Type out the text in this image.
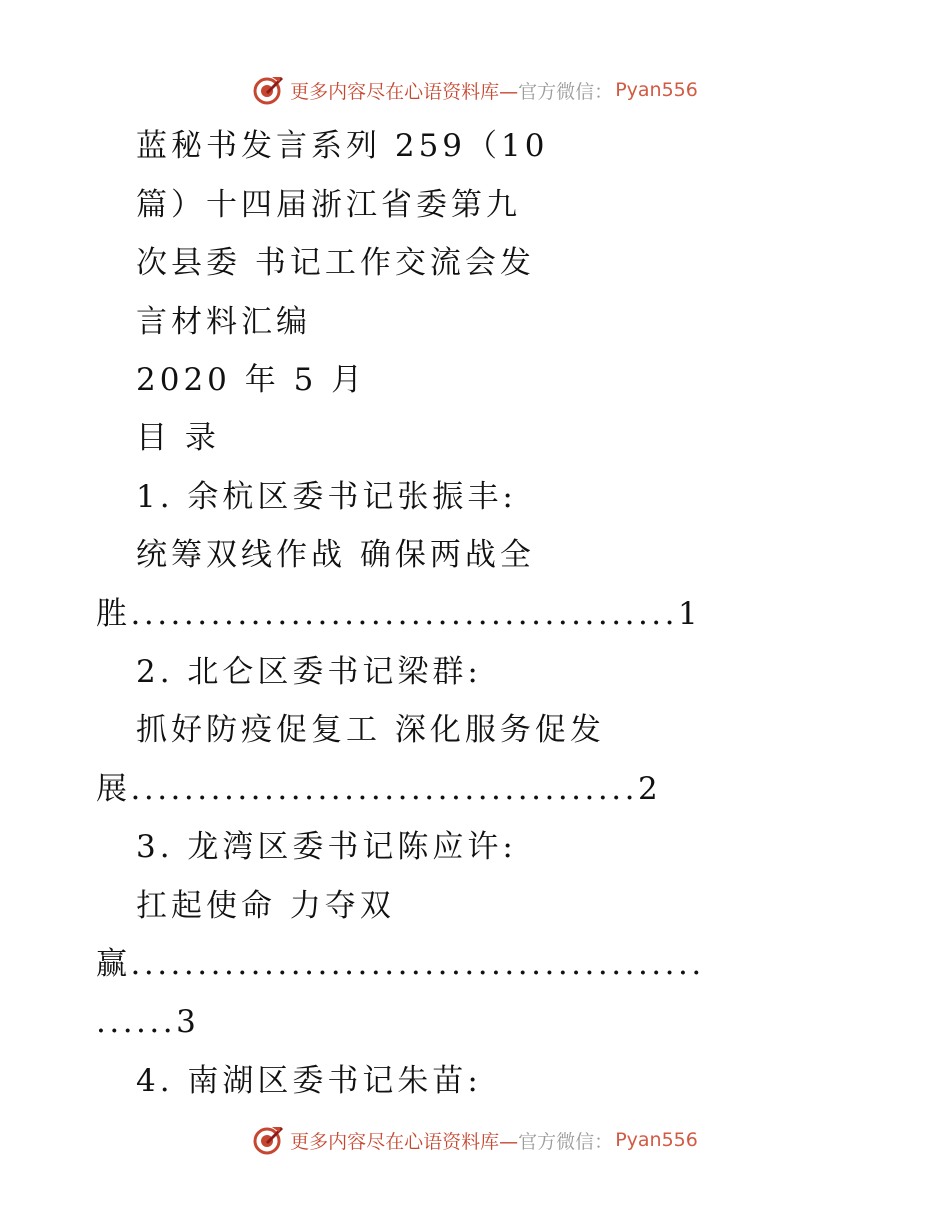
更多内容尽在心语资料库— 官方微信： Pyan556
蓝秘书发言系列 259（10
篇）十四届浙江省委第九
次县委 书记工作交流会发
言材料汇编
2020 年 5 月
目 录
1. 余杭区委书记张振丰:
统筹双线作战 确保两战全
胜.........................................1
2. 北仑区委书记梁群:
抓好防疫促复工 深化服务促发
展......................................2
3. 龙湾区委书记陈应许:
扛起使命 力夺双
赢...........................................
......3
4. 南湖区委书记朱苗:
更多内容尽在心语资料库— 官方微信： Pyan556
